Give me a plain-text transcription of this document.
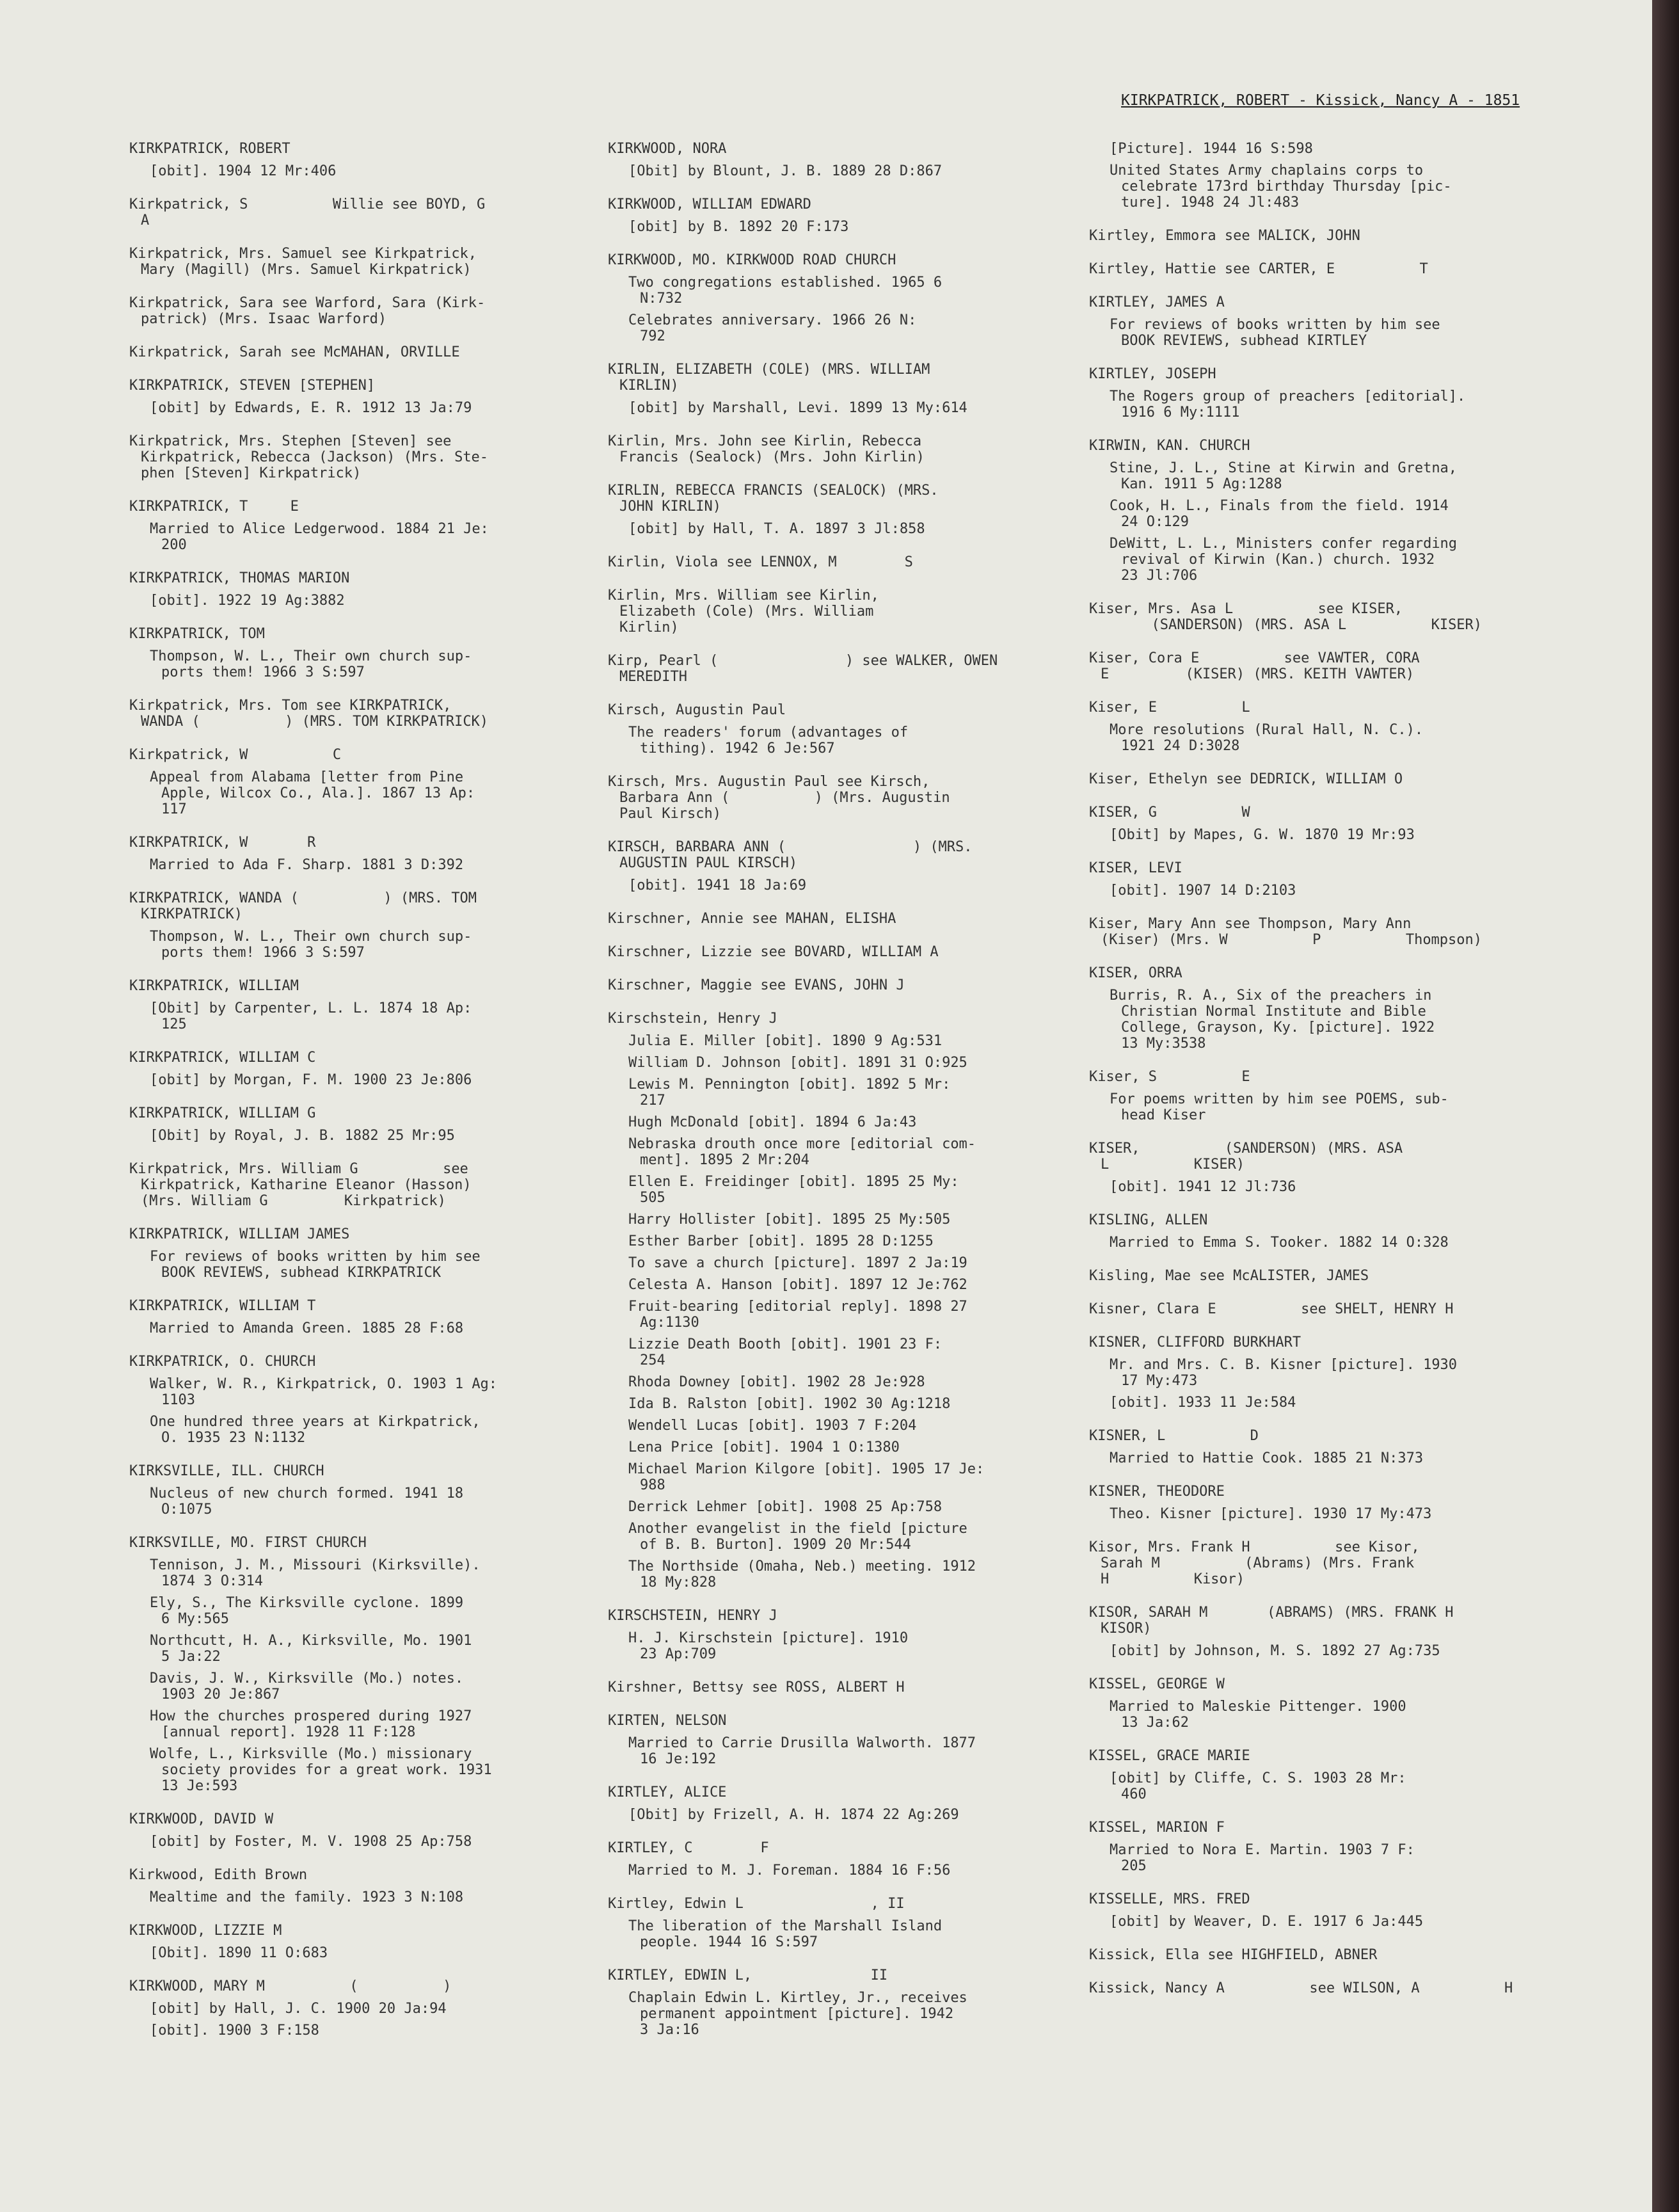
KIRKPATRICK, ROBERT - Kissick, Nancy A - 1851
KIRKPATRICK, ROBERT
[obit]. 1904 12 Mr:406
Kirkpatrick, S          Willie see BOYD, G
A
Kirkpatrick, Mrs. Samuel see Kirkpatrick,
Mary (Magill) (Mrs. Samuel Kirkpatrick)
Kirkpatrick, Sara see Warford, Sara (Kirk-
patrick) (Mrs. Isaac Warford)
Kirkpatrick, Sarah see McMAHAN, ORVILLE
KIRKPATRICK, STEVEN [STEPHEN]
[obit] by Edwards, E. R. 1912 13 Ja:79
Kirkpatrick, Mrs. Stephen [Steven] see
Kirkpatrick, Rebecca (Jackson) (Mrs. Ste-
phen [Steven] Kirkpatrick)
KIRKPATRICK, T     E
Married to Alice Ledgerwood. 1884 21 Je:
200
KIRKPATRICK, THOMAS MARION
[obit]. 1922 19 Ag:3882
KIRKPATRICK, TOM
Thompson, W. L., Their own church sup-
ports them! 1966 3 S:597
Kirkpatrick, Mrs. Tom see KIRKPATRICK,
WANDA (          ) (MRS. TOM KIRKPATRICK)
Kirkpatrick, W          C
Appeal from Alabama [letter from Pine
Apple, Wilcox Co., Ala.]. 1867 13 Ap:
117
KIRKPATRICK, W       R
Married to Ada F. Sharp. 1881 3 D:392
KIRKPATRICK, WANDA (          ) (MRS. TOM
KIRKPATRICK)
Thompson, W. L., Their own church sup-
ports them! 1966 3 S:597
KIRKPATRICK, WILLIAM
[Obit] by Carpenter, L. L. 1874 18 Ap:
125
KIRKPATRICK, WILLIAM C
[obit] by Morgan, F. M. 1900 23 Je:806
KIRKPATRICK, WILLIAM G
[Obit] by Royal, J. B. 1882 25 Mr:95
Kirkpatrick, Mrs. William G          see
Kirkpatrick, Katharine Eleanor (Hasson)
(Mrs. William G         Kirkpatrick)
KIRKPATRICK, WILLIAM JAMES
For reviews of books written by him see
BOOK REVIEWS, subhead KIRKPATRICK
KIRKPATRICK, WILLIAM T
Married to Amanda Green. 1885 28 F:68
KIRKPATRICK, O. CHURCH
Walker, W. R., Kirkpatrick, O. 1903 1 Ag:
1103
One hundred three years at Kirkpatrick,
O. 1935 23 N:1132
KIRKSVILLE, ILL. CHURCH
Nucleus of new church formed. 1941 18
O:1075
KIRKSVILLE, MO. FIRST CHURCH
Tennison, J. M., Missouri (Kirksville).
1874 3 O:314
Ely, S., The Kirksville cyclone. 1899
6 My:565
Northcutt, H. A., Kirksville, Mo. 1901
5 Ja:22
Davis, J. W., Kirksville (Mo.) notes.
1903 20 Je:867
How the churches prospered during 1927
[annual report]. 1928 11 F:128
Wolfe, L., Kirksville (Mo.) missionary
society provides for a great work. 1931
13 Je:593
KIRKWOOD, DAVID W
[obit] by Foster, M. V. 1908 25 Ap:758
Kirkwood, Edith Brown
Mealtime and the family. 1923 3 N:108
KIRKWOOD, LIZZIE M
[Obit]. 1890 11 O:683
KIRKWOOD, MARY M          (          )
[obit] by Hall, J. C. 1900 20 Ja:94
[obit]. 1900 3 F:158
KIRKWOOD, NORA
[Obit] by Blount, J. B. 1889 28 D:867
KIRKWOOD, WILLIAM EDWARD
[obit] by B. 1892 20 F:173
KIRKWOOD, MO. KIRKWOOD ROAD CHURCH
Two congregations established. 1965 6
N:732
Celebrates anniversary. 1966 26 N:
792
KIRLIN, ELIZABETH (COLE) (MRS. WILLIAM
KIRLIN)
[obit] by Marshall, Levi. 1899 13 My:614
Kirlin, Mrs. John see Kirlin, Rebecca
Francis (Sealock) (Mrs. John Kirlin)
KIRLIN, REBECCA FRANCIS (SEALOCK) (MRS.
JOHN KIRLIN)
[obit] by Hall, T. A. 1897 3 Jl:858
Kirlin, Viola see LENNOX, M        S
Kirlin, Mrs. William see Kirlin,
Elizabeth (Cole) (Mrs. William
Kirlin)
Kirp, Pearl (               ) see WALKER, OWEN
MEREDITH
Kirsch, Augustin Paul
The readers' forum (advantages of
tithing). 1942 6 Je:567
Kirsch, Mrs. Augustin Paul see Kirsch,
Barbara Ann (          ) (Mrs. Augustin
Paul Kirsch)
KIRSCH, BARBARA ANN (               ) (MRS.
AUGUSTIN PAUL KIRSCH)
[obit]. 1941 18 Ja:69
Kirschner, Annie see MAHAN, ELISHA
Kirschner, Lizzie see BOVARD, WILLIAM A
Kirschner, Maggie see EVANS, JOHN J
Kirschstein, Henry J
Julia E. Miller [obit]. 1890 9 Ag:531
William D. Johnson [obit]. 1891 31 O:925
Lewis M. Pennington [obit]. 1892 5 Mr:
217
Hugh McDonald [obit]. 1894 6 Ja:43
Nebraska drouth once more [editorial com-
ment]. 1895 2 Mr:204
Ellen E. Freidinger [obit]. 1895 25 My:
505
Harry Hollister [obit]. 1895 25 My:505
Esther Barber [obit]. 1895 28 D:1255
To save a church [picture]. 1897 2 Ja:19
Celesta A. Hanson [obit]. 1897 12 Je:762
Fruit-bearing [editorial reply]. 1898 27
Ag:1130
Lizzie Death Booth [obit]. 1901 23 F:
254
Rhoda Downey [obit]. 1902 28 Je:928
Ida B. Ralston [obit]. 1902 30 Ag:1218
Wendell Lucas [obit]. 1903 7 F:204
Lena Price [obit]. 1904 1 O:1380
Michael Marion Kilgore [obit]. 1905 17 Je:
988
Derrick Lehmer [obit]. 1908 25 Ap:758
Another evangelist in the field [picture
of B. B. Burton]. 1909 20 Mr:544
The Northside (Omaha, Neb.) meeting. 1912
18 My:828
KIRSCHSTEIN, HENRY J
H. J. Kirschstein [picture]. 1910
23 Ap:709
Kirshner, Bettsy see ROSS, ALBERT H
KIRTEN, NELSON
Married to Carrie Drusilla Walworth. 1877
16 Je:192
KIRTLEY, ALICE
[Obit] by Frizell, A. H. 1874 22 Ag:269
KIRTLEY, C        F
Married to M. J. Foreman. 1884 16 F:56
Kirtley, Edwin L               , II
The liberation of the Marshall Island
people. 1944 16 S:597
KIRTLEY, EDWIN L,              II
Chaplain Edwin L. Kirtley, Jr., receives
permanent appointment [picture]. 1942
3 Ja:16
[Picture]. 1944 16 S:598
United States Army chaplains corps to
celebrate 173rd birthday Thursday [pic-
ture]. 1948 24 Jl:483
Kirtley, Emmora see MALICK, JOHN
Kirtley, Hattie see CARTER, E          T
KIRTLEY, JAMES A
For reviews of books written by him see
BOOK REVIEWS, subhead KIRTLEY
KIRTLEY, JOSEPH
The Rogers group of preachers [editorial].
1916 6 My:1111
KIRWIN, KAN. CHURCH
Stine, J. L., Stine at Kirwin and Gretna,
Kan. 1911 5 Ag:1288
Cook, H. L., Finals from the field. 1914
24 O:129
DeWitt, L. L., Ministers confer regarding
revival of Kirwin (Kan.) church. 1932
23 Jl:706
Kiser, Mrs. Asa L          see KISER,
(SANDERSON) (MRS. ASA L          KISER)
Kiser, Cora E          see VAWTER, CORA
E         (KISER) (MRS. KEITH VAWTER)
Kiser, E          L
More resolutions (Rural Hall, N. C.).
1921 24 D:3028
Kiser, Ethelyn see DEDRICK, WILLIAM O
KISER, G          W
[Obit] by Mapes, G. W. 1870 19 Mr:93
KISER, LEVI
[obit]. 1907 14 D:2103
Kiser, Mary Ann see Thompson, Mary Ann
(Kiser) (Mrs. W          P          Thompson)
KISER, ORRA
Burris, R. A., Six of the preachers in
Christian Normal Institute and Bible
College, Grayson, Ky. [picture]. 1922
13 My:3538
Kiser, S          E
For poems written by him see POEMS, sub-
head Kiser
KISER,          (SANDERSON) (MRS. ASA
L          KISER)
[obit]. 1941 12 Jl:736
KISLING, ALLEN
Married to Emma S. Tooker. 1882 14 O:328
Kisling, Mae see McALISTER, JAMES
Kisner, Clara E          see SHELT, HENRY H
KISNER, CLIFFORD BURKHART
Mr. and Mrs. C. B. Kisner [picture]. 1930
17 My:473
[obit]. 1933 11 Je:584
KISNER, L          D
Married to Hattie Cook. 1885 21 N:373
KISNER, THEODORE
Theo. Kisner [picture]. 1930 17 My:473
Kisor, Mrs. Frank H          see Kisor,
Sarah M          (Abrams) (Mrs. Frank
H          Kisor)
KISOR, SARAH M       (ABRAMS) (MRS. FRANK H
KISOR)
[obit] by Johnson, M. S. 1892 27 Ag:735
KISSEL, GEORGE W
Married to Maleskie Pittenger. 1900
13 Ja:62
KISSEL, GRACE MARIE
[obit] by Cliffe, C. S. 1903 28 Mr:
460
KISSEL, MARION F
Married to Nora E. Martin. 1903 7 F:
205
KISSELLE, MRS. FRED
[obit] by Weaver, D. E. 1917 6 Ja:445
Kissick, Ella see HIGHFIELD, ABNER
Kissick, Nancy A          see WILSON, A          H
